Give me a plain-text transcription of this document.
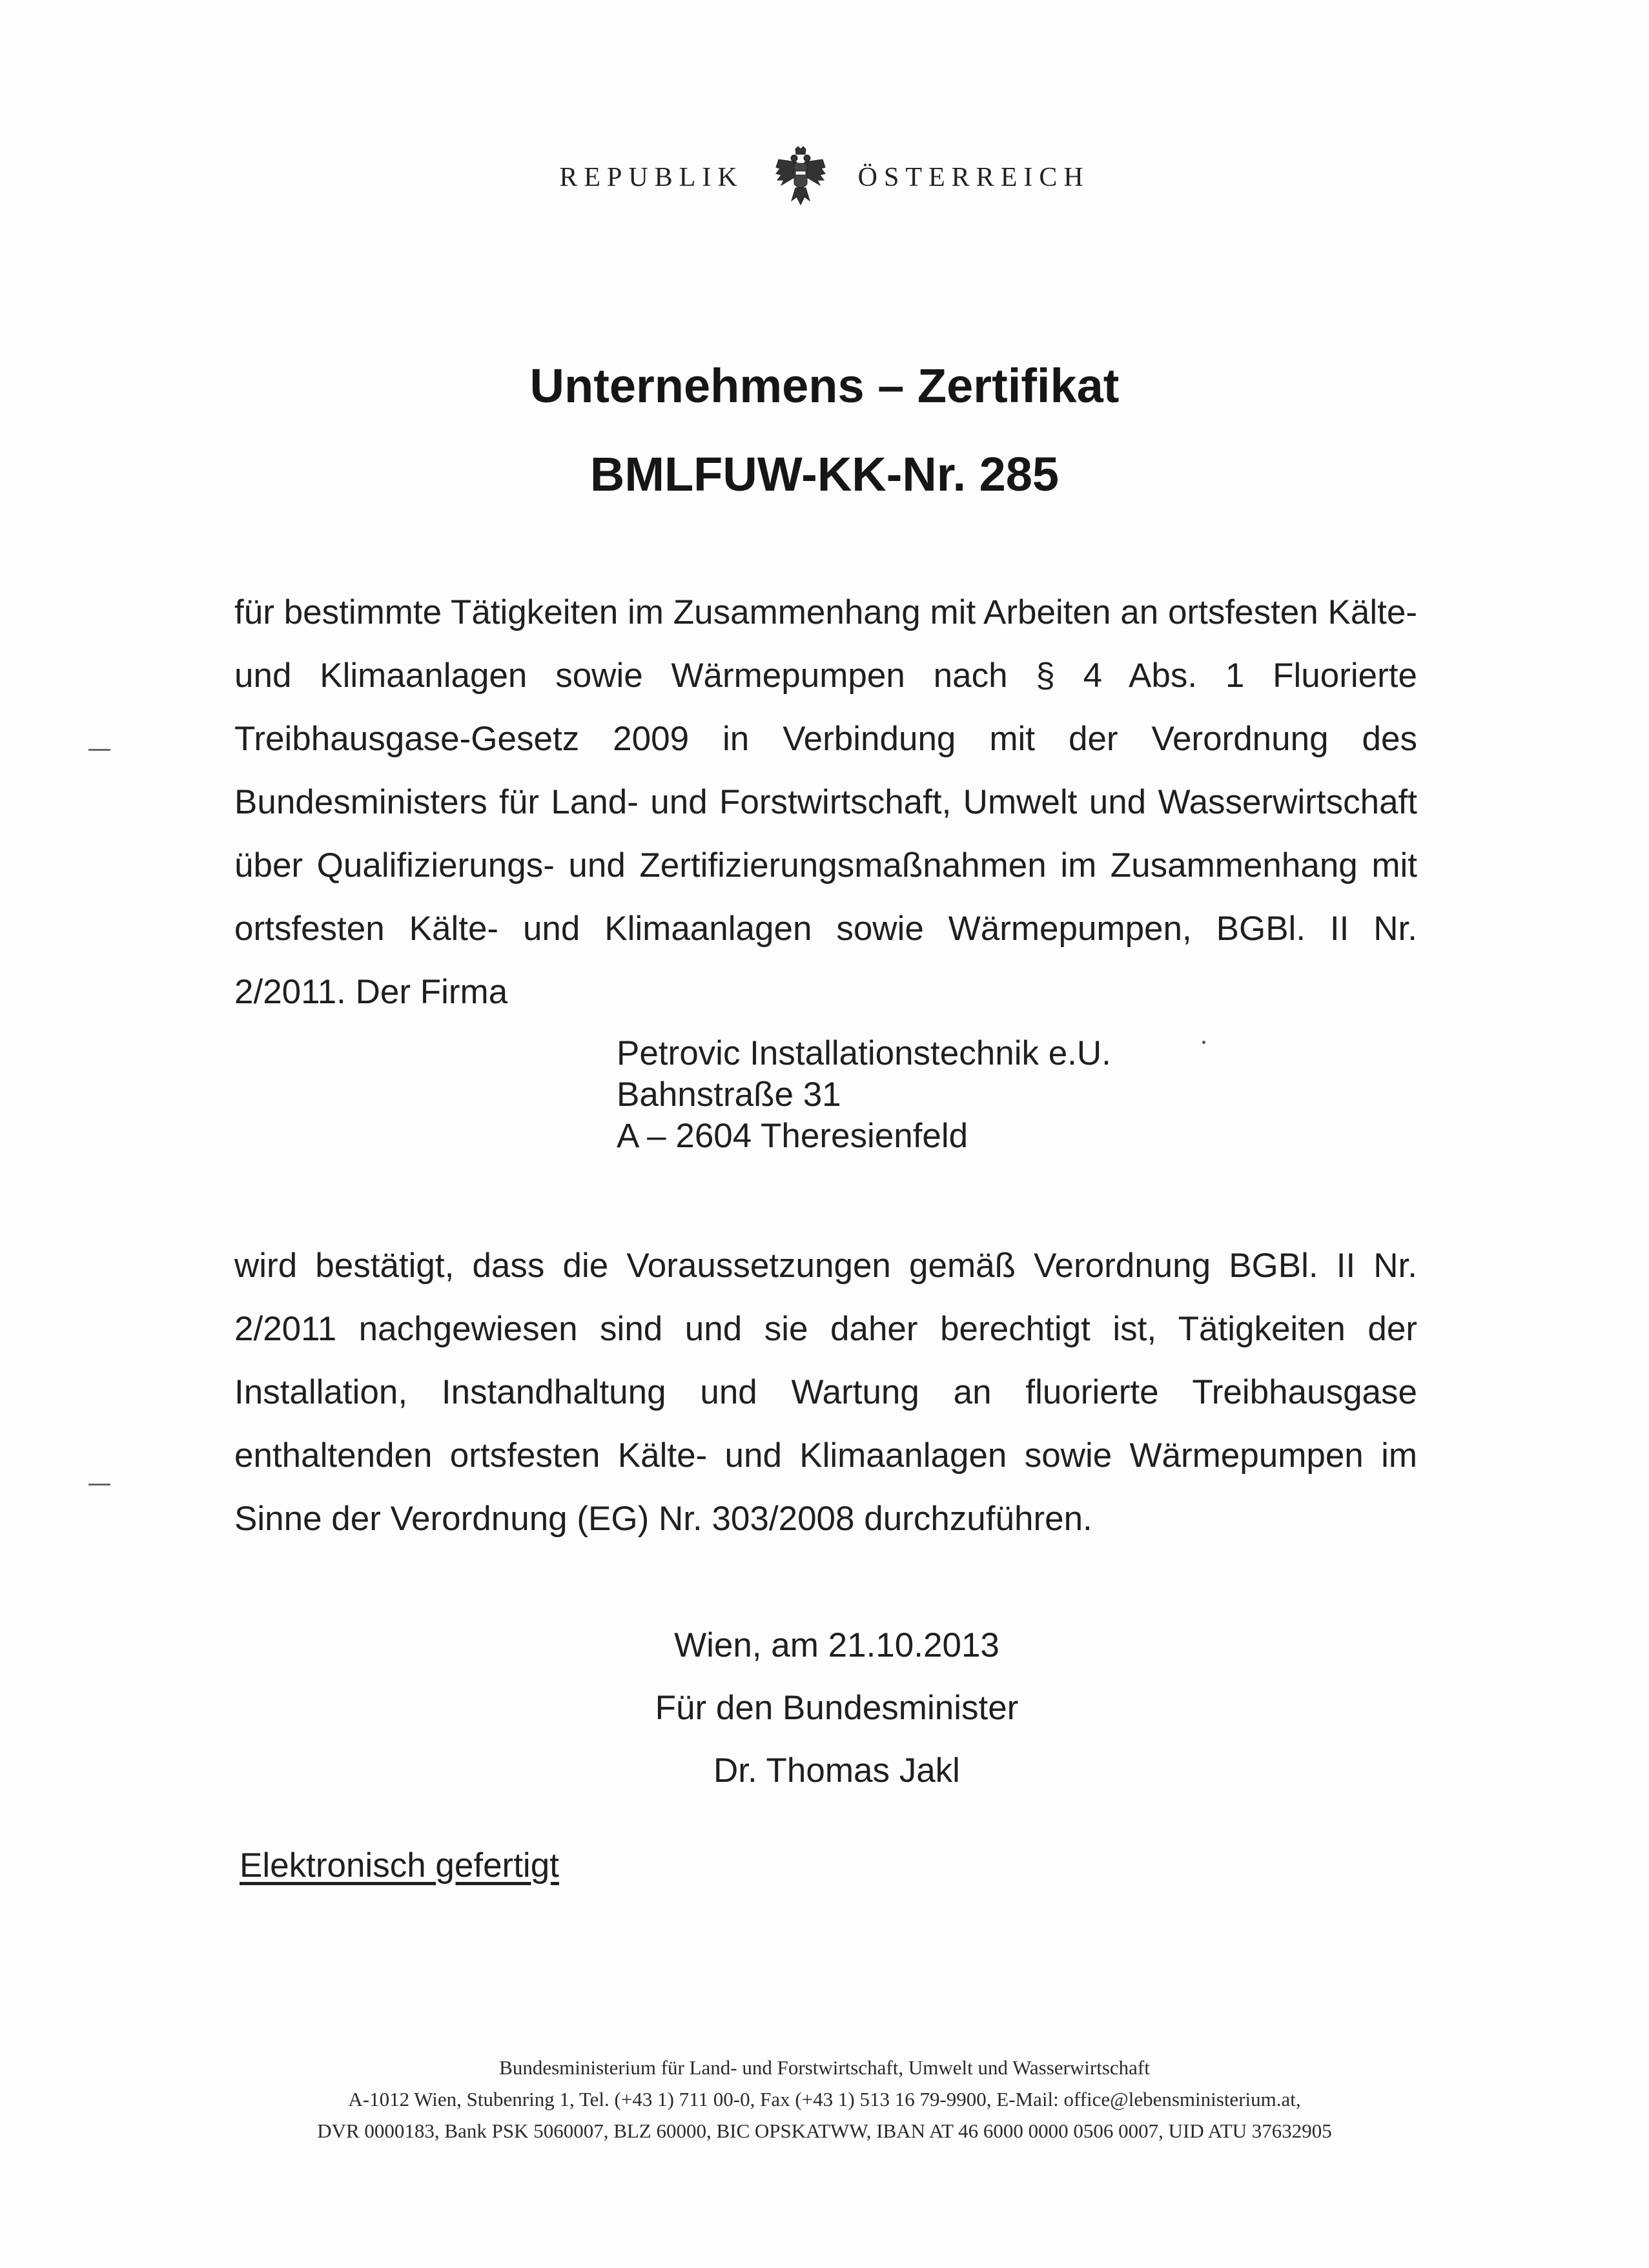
REPUBLIK	ÖSTERREICH
Unternehmens – Zertifikat
BMLFUW-KK-Nr. 285
für bestimmte Tätigkeiten im Zusammenhang mit Arbeiten an ortsfesten Kälte- und Klimaanlagen sowie Wärmepumpen nach § 4 Abs. 1 Fluorierte Treibhausgase-Gesetz 2009 in Verbindung mit der Verordnung des Bundesministers für Land- und Forstwirtschaft, Umwelt und Wasserwirtschaft über Qualifizierungs- und Zertifizierungsmaßnahmen im Zusammenhang mit ortsfesten Kälte- und Klimaanlagen sowie Wärmepumpen, BGBl. II Nr. 2/2011. Der Firma
Petrovic Installationstechnik e.U.
Bahnstraße 31
A – 2604 Theresienfeld
wird bestätigt, dass die Voraussetzungen gemäß Verordnung BGBl. II Nr. 2/2011 nachgewiesen sind und sie daher berechtigt ist, Tätigkeiten der Installation, Instandhaltung und Wartung an fluorierte Treibhausgase enthaltenden ortsfesten Kälte- und Klimaanlagen sowie Wärmepumpen im Sinne der Verordnung (EG) Nr. 303/2008 durchzuführen.
Wien, am 21.10.2013
Für den Bundesminister
Dr. Thomas Jakl
Elektronisch gefertigt
Bundesministerium für Land- und Forstwirtschaft, Umwelt und Wasserwirtschaft
A-1012 Wien, Stubenring 1, Tel. (+43 1) 711 00-0, Fax (+43 1) 513 16 79-9900, E-Mail: office@lebensministerium.at,
DVR 0000183, Bank PSK 5060007, BLZ 60000, BIC OPSKATWW, IBAN AT 46 6000 0000 0506 0007, UID ATU 37632905
